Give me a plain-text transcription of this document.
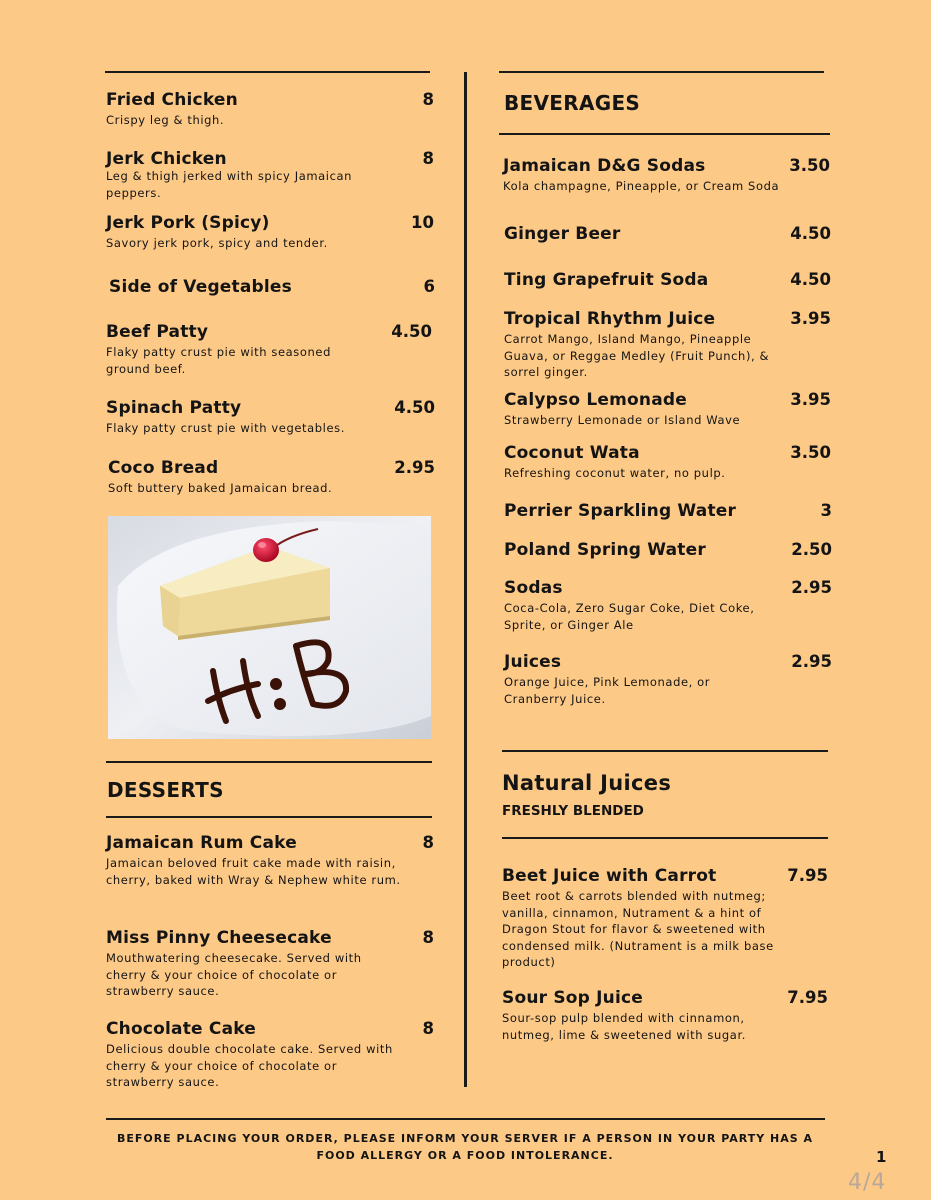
Fried Chicken	8
Crispy leg & thigh.
Jerk Chicken	8
Leg & thigh jerked with spicy Jamaican peppers.
Jerk Pork (Spicy)	10
Savory jerk pork, spicy and tender.
Side of Vegetables	6
Beef Patty	4.50
Flaky patty crust pie with seasoned ground beef.
Spinach Patty	4.50
Flaky patty crust pie with vegetables.
Coco Bread	2.95
Soft buttery baked Jamaican bread.
DESSERTS
Jamaican Rum Cake	8
Jamaican beloved fruit cake made with raisin, cherry, baked with Wray & Nephew white rum.
Miss Pinny Cheesecake	8
Mouthwatering cheesecake. Served with cherry & your choice of chocolate or strawberry sauce.
Chocolate Cake	8
Delicious double chocolate cake. Served with cherry & your choice of chocolate or strawberry sauce.
BEVERAGES
Jamaican D&G Sodas	3.50
Kola champagne, Pineapple, or Cream Soda
Ginger Beer	4.50
Ting Grapefruit Soda	4.50
Tropical Rhythm Juice	3.95
Carrot Mango, Island Mango, Pineapple Guava, or Reggae Medley (Fruit Punch), & sorrel ginger.
Calypso Lemonade	3.95
Strawberry Lemonade or Island Wave
Coconut Wata	3.50
Refreshing coconut water, no pulp.
Perrier Sparkling Water	3
Poland Spring Water	2.50
Sodas	2.95
Coca-Cola, Zero Sugar Coke, Diet Coke, Sprite, or Ginger Ale
Juices	2.95
Orange Juice, Pink Lemonade, or Cranberry Juice.
Natural Juices
FRESHLY BLENDED
Beet Juice with Carrot	7.95
Beet root & carrots blended with nutmeg; vanilla, cinnamon, Nutrament & a hint of Dragon Stout for flavor & sweetened with condensed milk. (Nutrament is a milk base product)
Sour Sop Juice	7.95
Sour-sop pulp blended with cinnamon, nutmeg, lime & sweetened with sugar.
BEFORE PLACING YOUR ORDER, PLEASE INFORM YOUR SERVER IF A PERSON IN YOUR PARTY HAS A FOOD ALLERGY OR A FOOD INTOLERANCE.	1
4/4
